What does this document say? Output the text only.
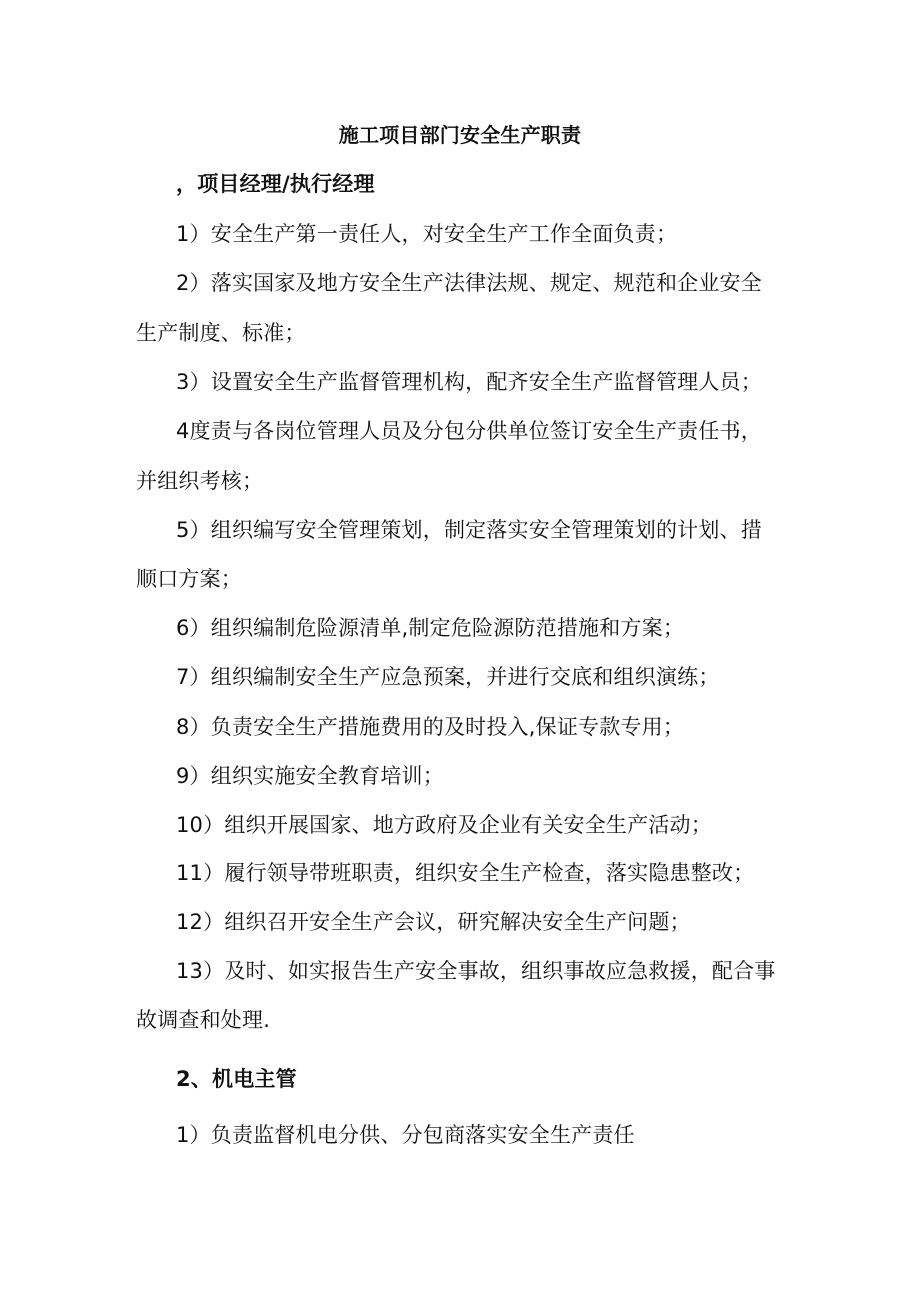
施工项目部门安全生产职责
，项目经理/执行经理
1）安全生产第一责任人，对安全生产工作全面负责；
2）落实国家及地方安全生产法律法规、规定、规范和企业安全
生产制度、标准；
3）设置安全生产监督管理机构，配齐安全生产监督管理人员；
4度责与各岗位管理人员及分包分供单位签订安全生产责任书，
并组织考核；
5）组织编写安全管理策划，制定落实安全管理策划的计划、措
顺口方案；
6）组织编制危险源清单,制定危险源防范措施和方案；
7）组织编制安全生产应急预案，并进行交底和组织演练；
8）负责安全生产措施费用的及时投入,保证专款专用；
9）组织实施安全教育培训；
10）组织开展国家、地方政府及企业有关安全生产活动；
11）履行领导带班职责，组织安全生产检查，落实隐患整改；
12）组织召开安全生产会议，研究解决安全生产问题；
13）及时、如实报告生产安全事故，组织事故应急救援，配合事
故调查和处理.
2、机电主管
1）负责监督机电分供、分包商落实安全生产责任
